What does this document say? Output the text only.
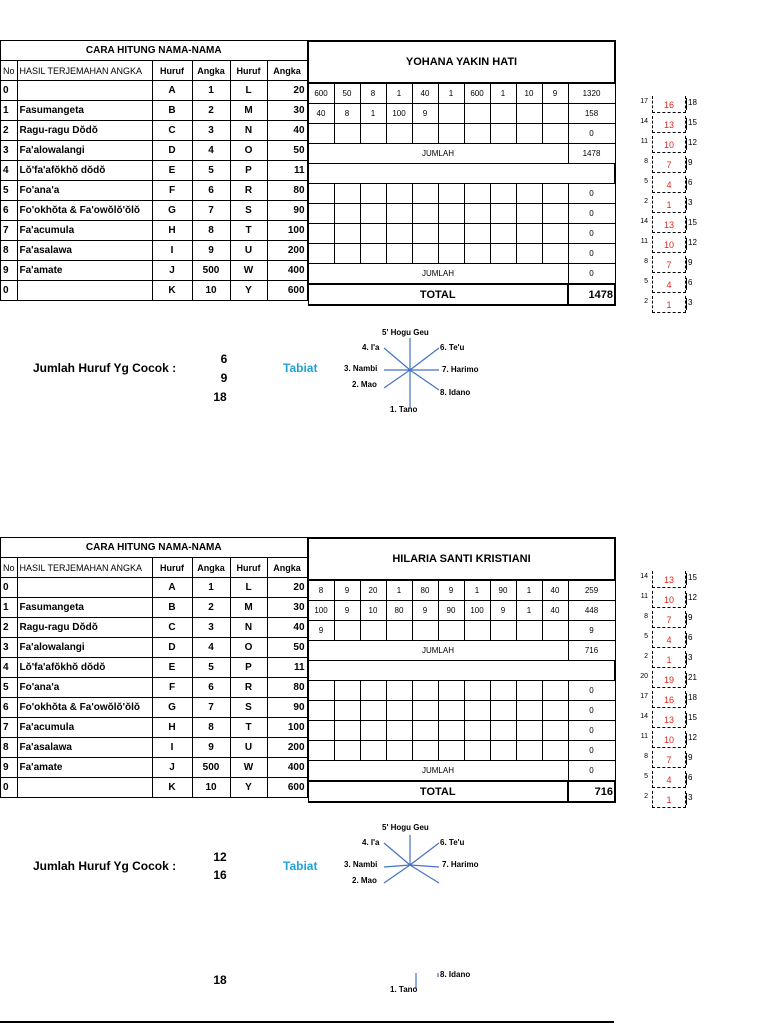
CARA HITUNG NAMA-NAMA					
No	HASIL TERJEMAHAN ANGKA	Huruf	Angka	Huruf	Angka
0		A	1	L	20
1	Fasumangeta	B	2	M	30
2	Ragu-ragu Dŏdŏ	C	3	N	40
3	Fa'alowalangi	D	4	O	50
4	Lŏ'fa'afŏkhŏ dŏdŏ	E	5	P	11
5	Fo'ana'a	F	6	R	80
6	Fo'okhŏta & Fa'owŏlŏ'ŏlŏ	G	7	S	90
7	Fa'acumula	H	8	T	100
8	Fa'asalawa	I	9	U	200
9	Fa'amate	J	500	W	400
0		K	10	Y	600
YOHANA YAKIN HATI										
600	50	8	1	40	1	600	1	10	9	1320
40	8	1	100	9						158
										0
JUMLAH										1478

										0
										0
										0
										0
JUMLAH										0
TOTAL										1478
17	16	18
14	13	15
11	10	12
8	7	9
5	4	6
2	1	3
14	13	15
11	10	12
8	7	9
5	4	6
2	1	3
Jumlah Huruf Yg Cocok :
6
9
18
Tabiat
5' Hogu Geu
4. I'a	6. Te'u
3. Nambi	7. Harimo
2. Mao
8. Idano
1. Tano
CARA HITUNG NAMA-NAMA					
No	HASIL TERJEMAHAN ANGKA	Huruf	Angka	Huruf	Angka
0		A	1	L	20
1	Fasumangeta	B	2	M	30
2	Ragu-ragu Dŏdŏ	C	3	N	40
3	Fa'alowalangi	D	4	O	50
4	Lŏ'fa'afŏkhŏ dŏdŏ	E	5	P	11
5	Fo'ana'a	F	6	R	80
6	Fo'okhŏta & Fa'owŏlŏ'ŏlŏ	G	7	S	90
7	Fa'acumula	H	8	T	100
8	Fa'asalawa	I	9	U	200
9	Fa'amate	J	500	W	400
0		K	10	Y	600
HILARIA SANTI KRISTIANI										
8	9	20	1	80	9	1	90	1	40	259
100	9	10	80	9	90	100	9	1	40	448
9										9
JUMLAH										716

										0
										0
										0
										0
JUMLAH										0
TOTAL										716
14	13	15
11	10	12
8	7	9
5	4	6
2	1	3
20	19	21
17	16	18
14	13	15
11	10	12
8	7	9
5	4	6
2	1	3
Jumlah Huruf Yg Cocok :
12
16
Tabiat
18
5' Hogu Geu
4. I'a	6. Te'u
3. Nambi	7. Harimo
2. Mao
8. Idano
1. Tano
